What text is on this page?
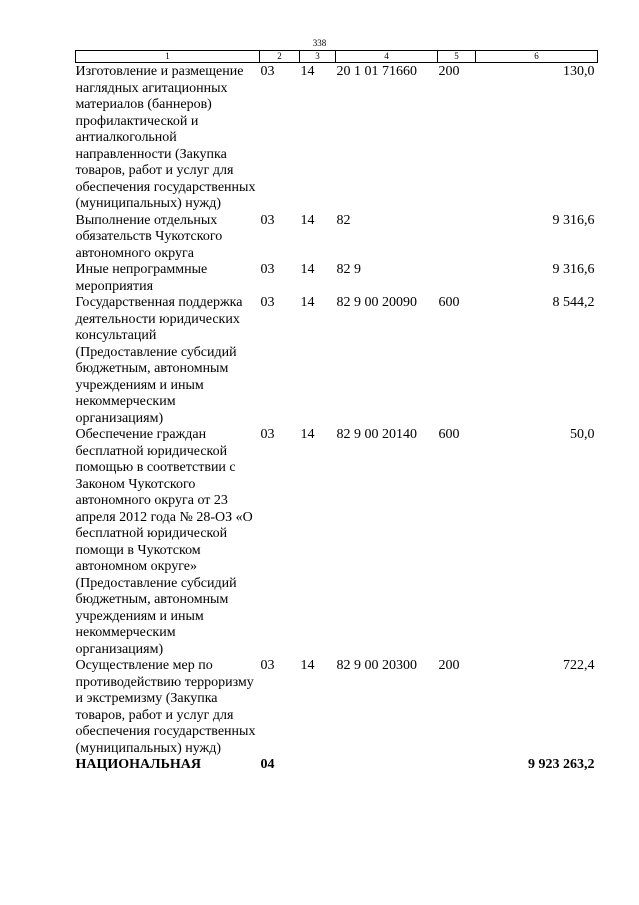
338
1	2	3	4	5	6
Изготовление и размещение наглядных агитационных материалов (баннеров) профилактической и антиалкогольной направленности (Закупка товаров, работ и услуг для обеспечения государственных (муниципальных) нужд)	03	14	20 1 01 71660	200	130,0
Выполнение отдельных обязательств Чукотского автономного округа	03	14	82		9 316,6
Иные непрограммные мероприятия	03	14	82 9		9 316,6
Государственная поддержка деятельности юридических консультаций (Предоставление субсидий бюджетным, автономным учреждениям и иным некоммерческим организациям)	03	14	82 9 00 20090	600	8 544,2
Обеспечение граждан бесплатной юридической помощью в соответствии с Законом Чукотского автономного округа от 23 апреля 2012 года № 28-ОЗ «О бесплатной юридической помощи в Чукотском автономном округе» (Предоставление субсидий бюджетным, автономным учреждениям и иным некоммерческим организациям)	03	14	82 9 00 20140	600	50,0
Осуществление мер по противодействию терроризму и экстремизму (Закупка товаров, работ и услуг для обеспечения государственных (муниципальных) нужд)	03	14	82 9 00 20300	200	722,4
НАЦИОНАЛЬНАЯ	04				9 923 263,2
